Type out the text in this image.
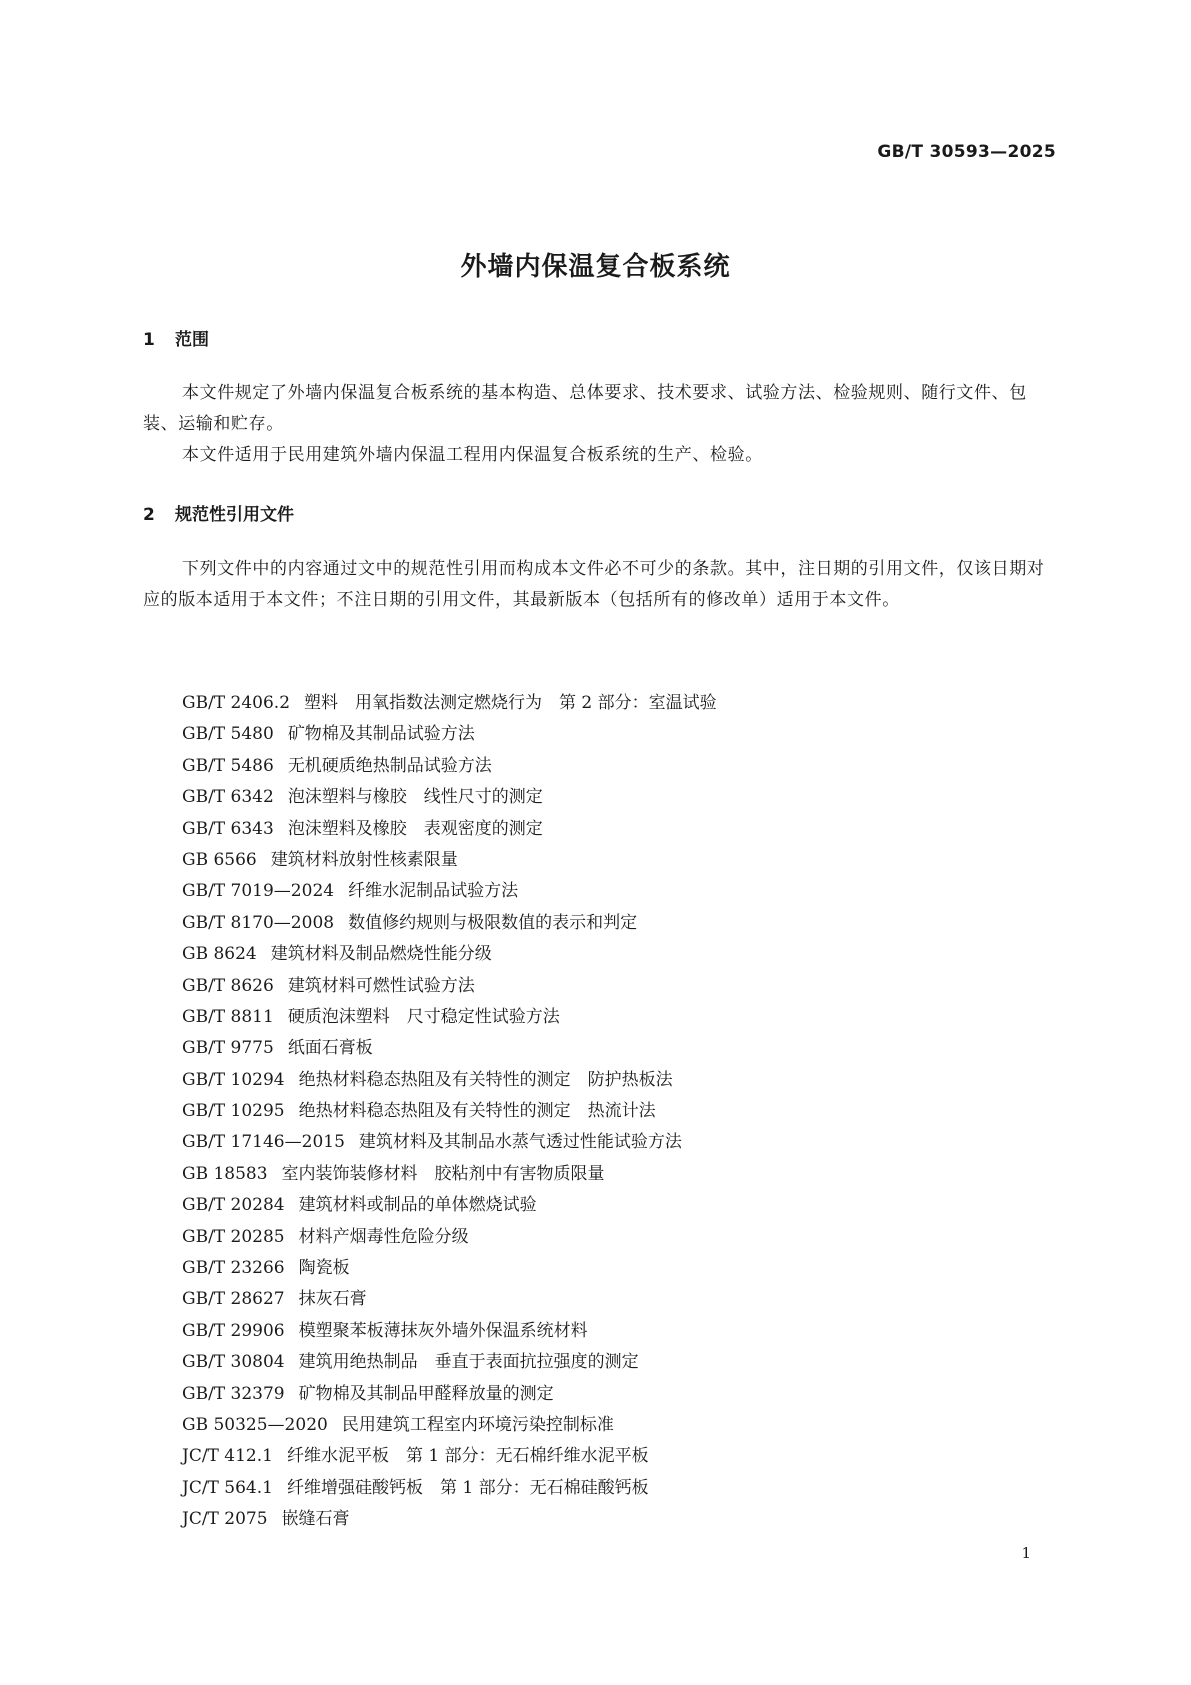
GB/T 30593—2025
外墙内保温复合板系统
1 范围
本文件规定了外墙内保温复合板系统的基本构造、总体要求、技术要求、试验方法、检验规则、随行文件、包装、运输和贮存。
本文件适用于民用建筑外墙内保温工程用内保温复合板系统的生产、检验。
2 规范性引用文件
下列文件中的内容通过文中的规范性引用而构成本文件必不可少的条款。其中，注日期的引用文件，仅该日期对应的版本适用于本文件；不注日期的引用文件，其最新版本（包括所有的修改单）适用于本文件。
GB/T 2406.2 塑料　用氧指数法测定燃烧行为　第 2 部分：室温试验
GB/T 5480 矿物棉及其制品试验方法
GB/T 5486 无机硬质绝热制品试验方法
GB/T 6342 泡沫塑料与橡胶　线性尺寸的测定
GB/T 6343 泡沫塑料及橡胶　表观密度的测定
GB 6566 建筑材料放射性核素限量
GB/T 7019—2024 纤维水泥制品试验方法
GB/T 8170—2008 数值修约规则与极限数值的表示和判定
GB 8624 建筑材料及制品燃烧性能分级
GB/T 8626 建筑材料可燃性试验方法
GB/T 8811 硬质泡沫塑料　尺寸稳定性试验方法
GB/T 9775 纸面石膏板
GB/T 10294 绝热材料稳态热阻及有关特性的测定　防护热板法
GB/T 10295 绝热材料稳态热阻及有关特性的测定　热流计法
GB/T 17146—2015 建筑材料及其制品水蒸气透过性能试验方法
GB 18583 室内装饰装修材料　胶粘剂中有害物质限量
GB/T 20284 建筑材料或制品的单体燃烧试验
GB/T 20285 材料产烟毒性危险分级
GB/T 23266 陶瓷板
GB/T 28627 抹灰石膏
GB/T 29906 模塑聚苯板薄抹灰外墙外保温系统材料
GB/T 30804 建筑用绝热制品　垂直于表面抗拉强度的测定
GB/T 32379 矿物棉及其制品甲醛释放量的测定
GB 50325—2020 民用建筑工程室内环境污染控制标准
JC/T 412.1 纤维水泥平板　第 1 部分：无石棉纤维水泥平板
JC/T 564.1 纤维增强硅酸钙板　第 1 部分：无石棉硅酸钙板
JC/T 2075 嵌缝石膏
1
